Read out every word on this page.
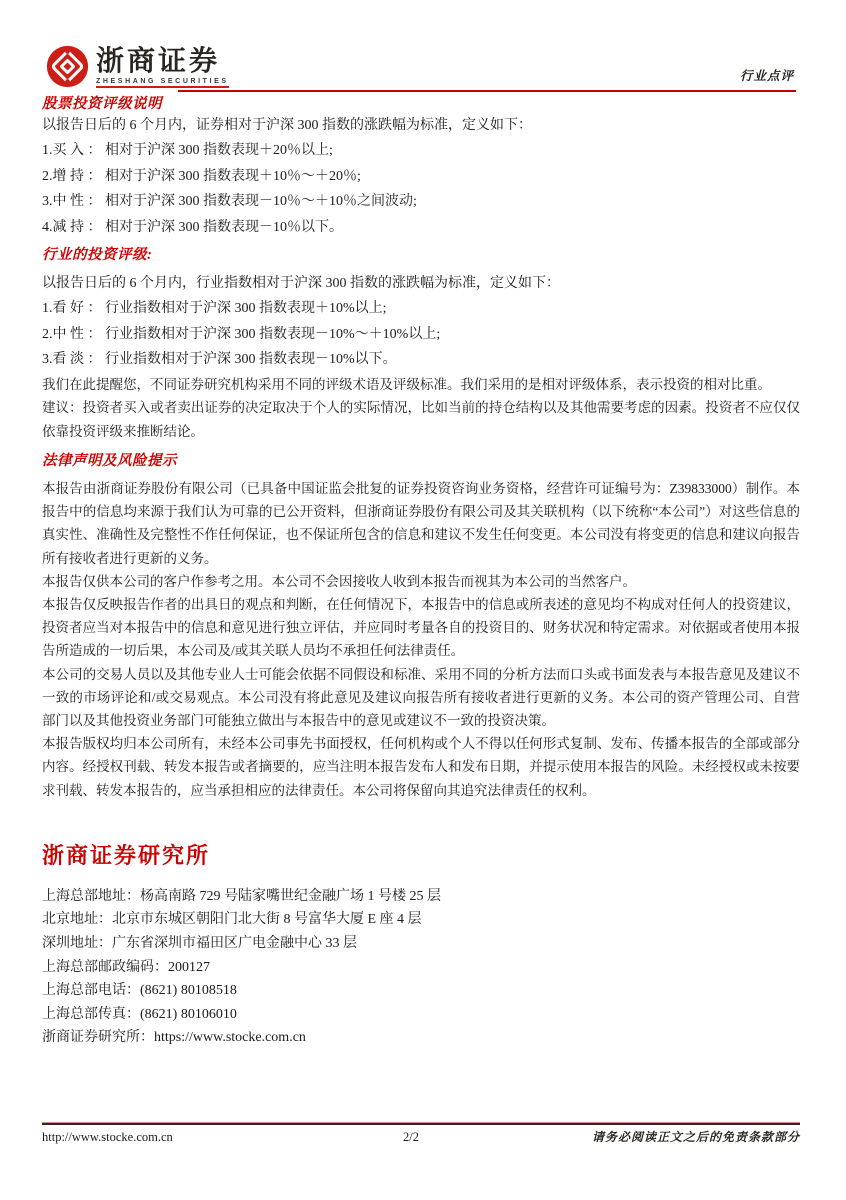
浙商证券
ZHESHANG SECURITIES	行业点评
股票投资评级说明
以报告日后的 6 个月内，证券相对于沪深 300 指数的涨跌幅为标准，定义如下：
1.买 入 ： 相对于沪深 300 指数表现＋20％以上;
2.增 持 ： 相对于沪深 300 指数表现＋10％～＋20％;
3.中 性 ： 相对于沪深 300 指数表现－10％～＋10％之间波动;
4.减 持 ： 相对于沪深 300 指数表现－10％以下。
行业的投资评级:
以报告日后的 6 个月内，行业指数相对于沪深 300 指数的涨跌幅为标准，定义如下：
1.看 好 ： 行业指数相对于沪深 300 指数表现＋10%以上;
2.中 性 ： 行业指数相对于沪深 300 指数表现－10%～＋10%以上;
3.看 淡 ： 行业指数相对于沪深 300 指数表现－10%以下。
我们在此提醒您，不同证券研究机构采用不同的评级术语及评级标准。我们采用的是相对评级体系，表示投资的相对比重。
建议：投资者买入或者卖出证券的决定取决于个人的实际情况，比如当前的持仓结构以及其他需要考虑的因素。投资者不应仅仅依靠投资评级来推断结论。
法律声明及风险提示
本报告由浙商证券股份有限公司（已具备中国证监会批复的证券投资咨询业务资格，经营许可证编号为：Z39833000）制作。本报告中的信息均来源于我们认为可靠的已公开资料，但浙商证券股份有限公司及其关联机构（以下统称“本公司”）对这些信息的真实性、准确性及完整性不作任何保证，也不保证所包含的信息和建议不发生任何变更。本公司没有将变更的信息和建议向报告所有接收者进行更新的义务。
本报告仅供本公司的客户作参考之用。本公司不会因接收人收到本报告而视其为本公司的当然客户。
本报告仅反映报告作者的出具日的观点和判断，在任何情况下，本报告中的信息或所表述的意见均不构成对任何人的投资建议，投资者应当对本报告中的信息和意见进行独立评估，并应同时考量各自的投资目的、财务状况和特定需求。对依据或者使用本报告所造成的一切后果，本公司及/或其关联人员均不承担任何法律责任。
本公司的交易人员以及其他专业人士可能会依据不同假设和标准、采用不同的分析方法而口头或书面发表与本报告意见及建议不一致的市场评论和/或交易观点。本公司没有将此意见及建议向报告所有接收者进行更新的义务。本公司的资产管理公司、自营部门以及其他投资业务部门可能独立做出与本报告中的意见或建议不一致的投资决策。
本报告版权均归本公司所有，未经本公司事先书面授权，任何机构或个人不得以任何形式复制、发布、传播本报告的全部或部分内容。经授权刊载、转发本报告或者摘要的，应当注明本报告发布人和发布日期，并提示使用本报告的风险。未经授权或未按要求刊载、转发本报告的，应当承担相应的法律责任。本公司将保留向其追究法律责任的权利。
浙商证券研究所
上海总部地址：杨高南路 729 号陆家嘴世纪金融广场 1 号楼 25 层
北京地址：北京市东城区朝阳门北大街 8 号富华大厦 E 座 4 层
深圳地址：广东省深圳市福田区广电金融中心 33 层
上海总部邮政编码：200127
上海总部电话：(8621) 80108518
上海总部传真：(8621) 80106010
浙商证券研究所：https://www.stocke.com.cn
http://www.stocke.com.cn	2/2	请务必阅读正文之后的免责条款部分
